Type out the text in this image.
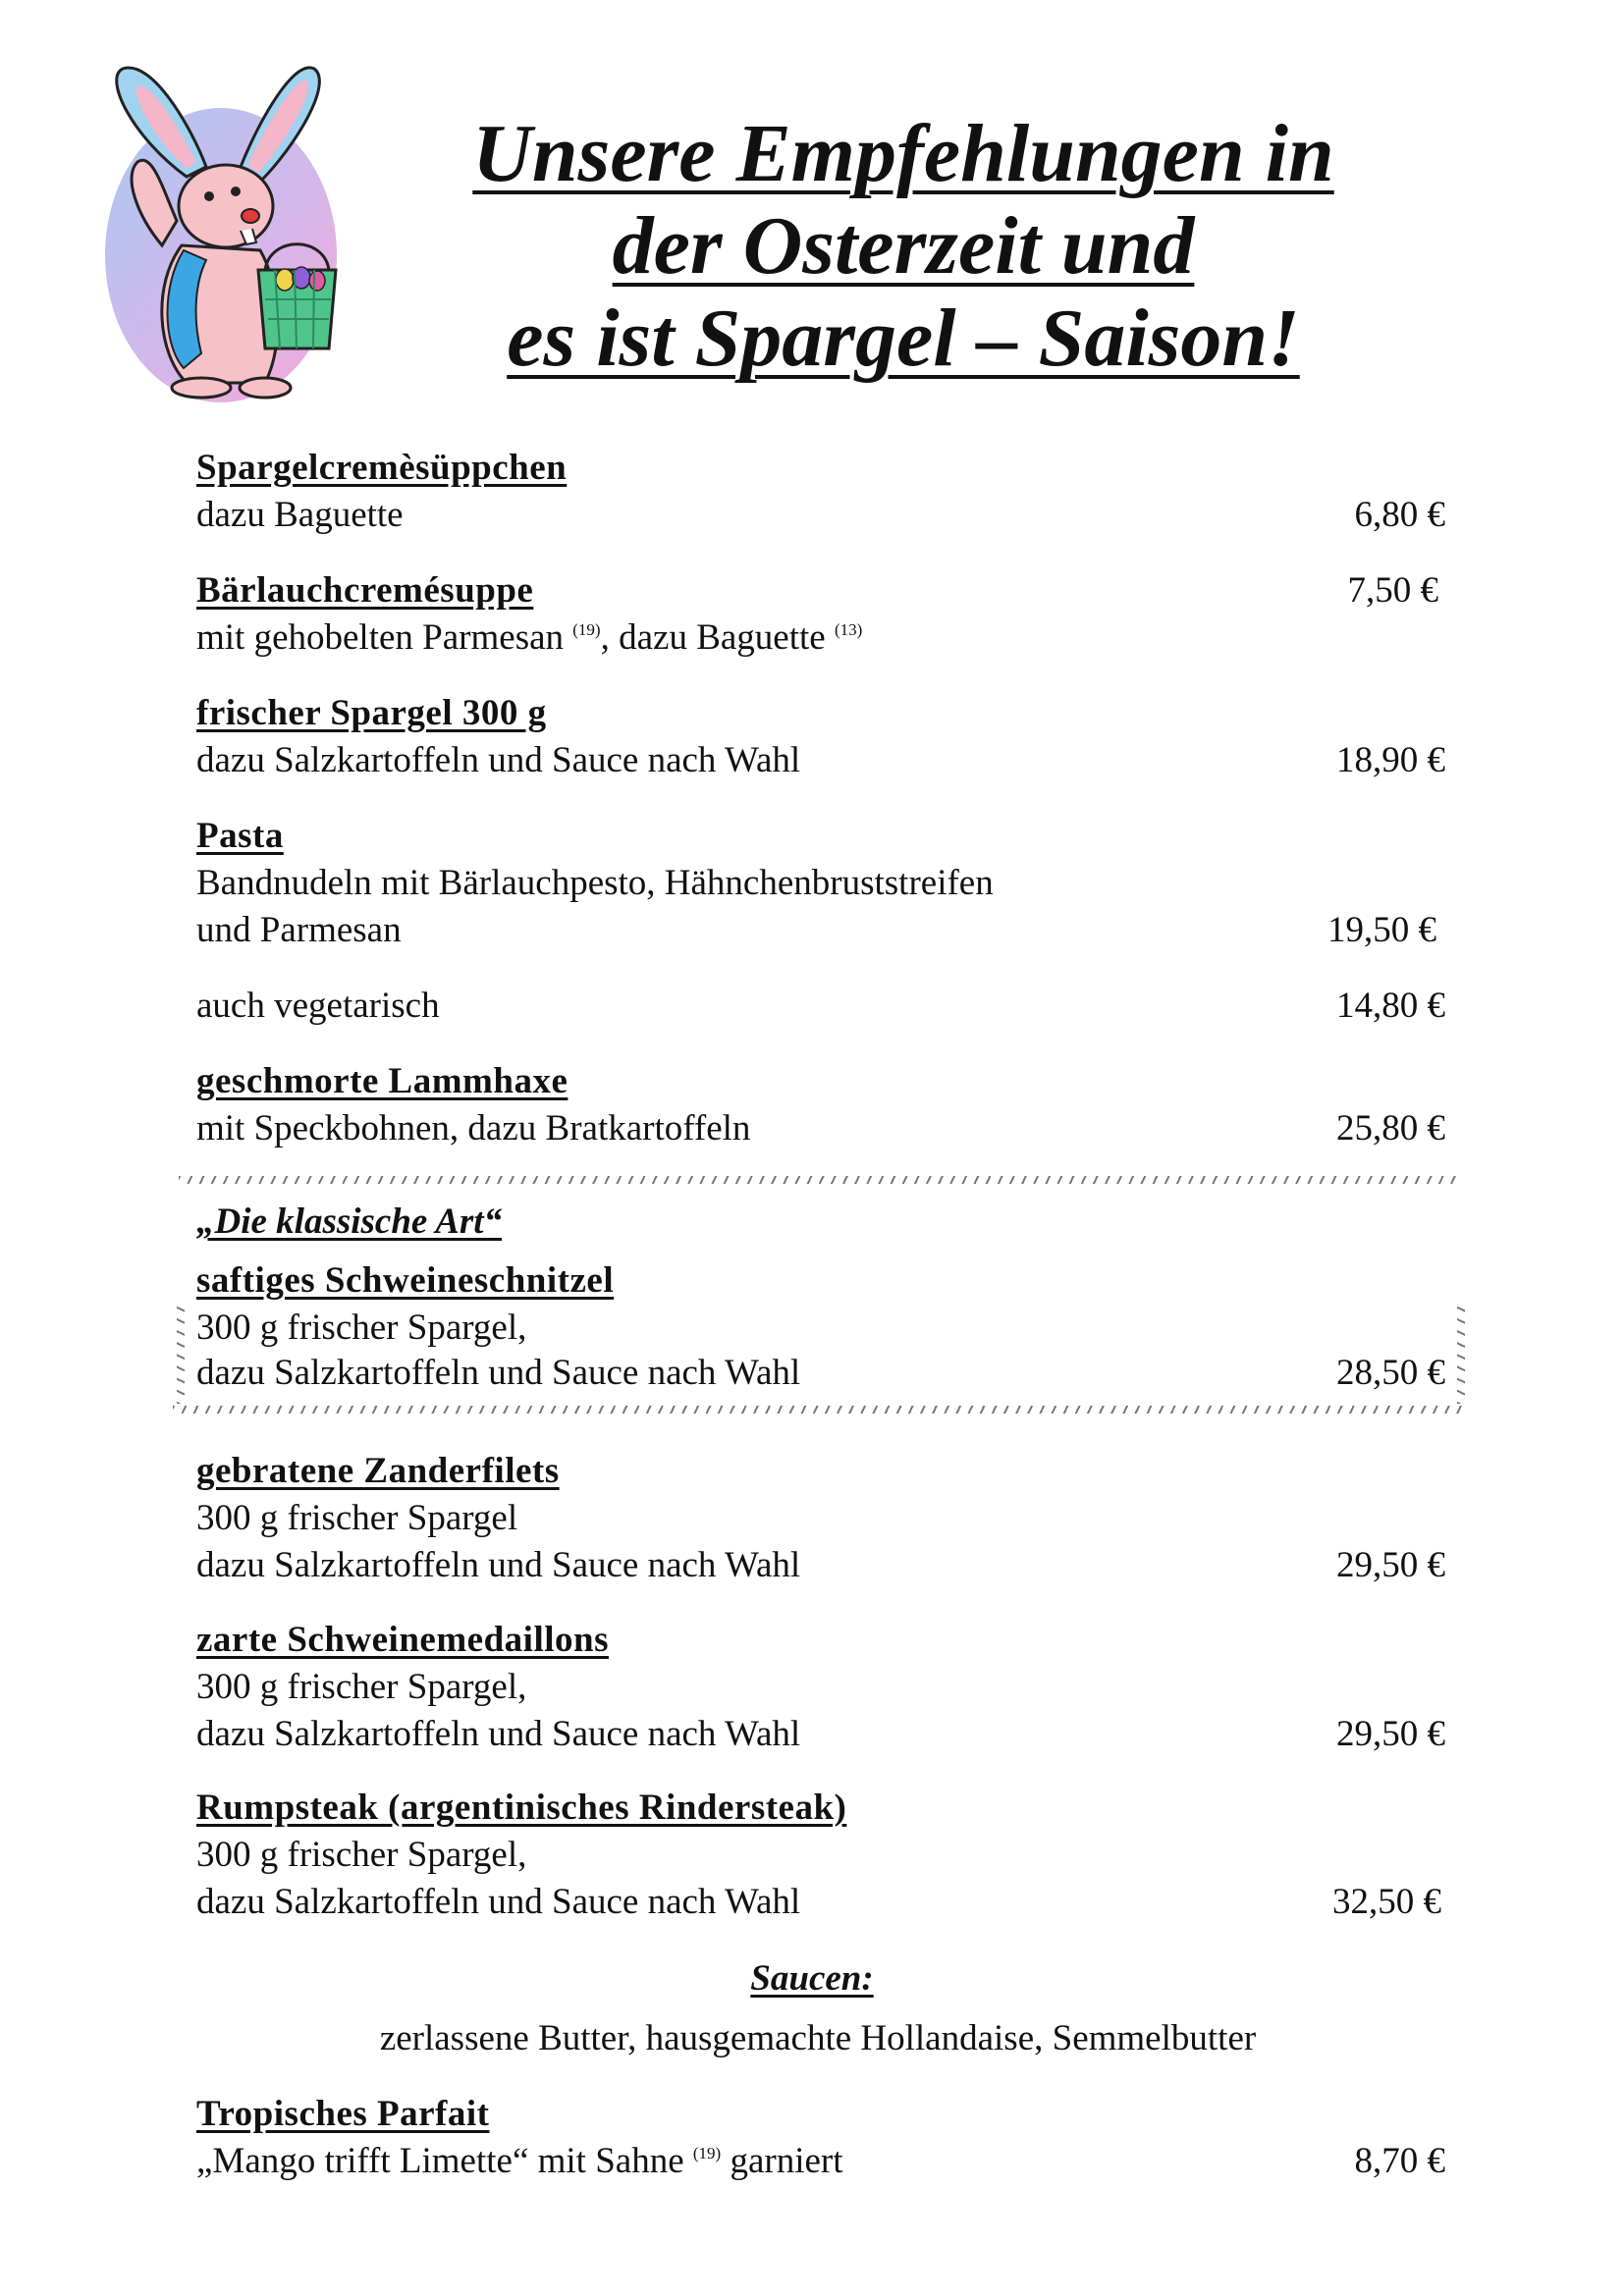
Unsere Empfehlungen in
der Osterzeit und
es ist Spargel – Saison!
Spargelcremèsüppchen
dazu Baguette	6,80 €
Bärlauchcremésuppe	7,50 €
mit gehobelten Parmesan $^{(19)}$, dazu Baguette $^{(13)}$
frischer Spargel 300 g
dazu Salzkartoffeln und Sauce nach Wahl	18,90 €
Pasta
Bandnudeln mit Bärlauchpesto, Hähnchenbruststreifen
und Parmesan	19,50 €
auch vegetarisch	14,80 €
geschmorte Lammhaxe
mit Speckbohnen, dazu Bratkartoffeln	25,80 €
„Die klassische Art“
saftiges Schweineschnitzel
300 g frischer Spargel,
dazu Salzkartoffeln und Sauce nach Wahl	28,50 €
gebratene Zanderfilets
300 g frischer Spargel
dazu Salzkartoffeln und Sauce nach Wahl	29,50 €
zarte Schweinemedaillons
300 g frischer Spargel,
dazu Salzkartoffeln und Sauce nach Wahl	29,50 €
Rumpsteak (argentinisches Rindersteak)
300 g frischer Spargel,
dazu Salzkartoffeln und Sauce nach Wahl	32,50 €
Saucen:
zerlassene Butter, hausgemachte Hollandaise, Semmelbutter
Tropisches Parfait
„Mango trifft Limette“ mit Sahne $^{(19)}$ garniert	8,70 €
